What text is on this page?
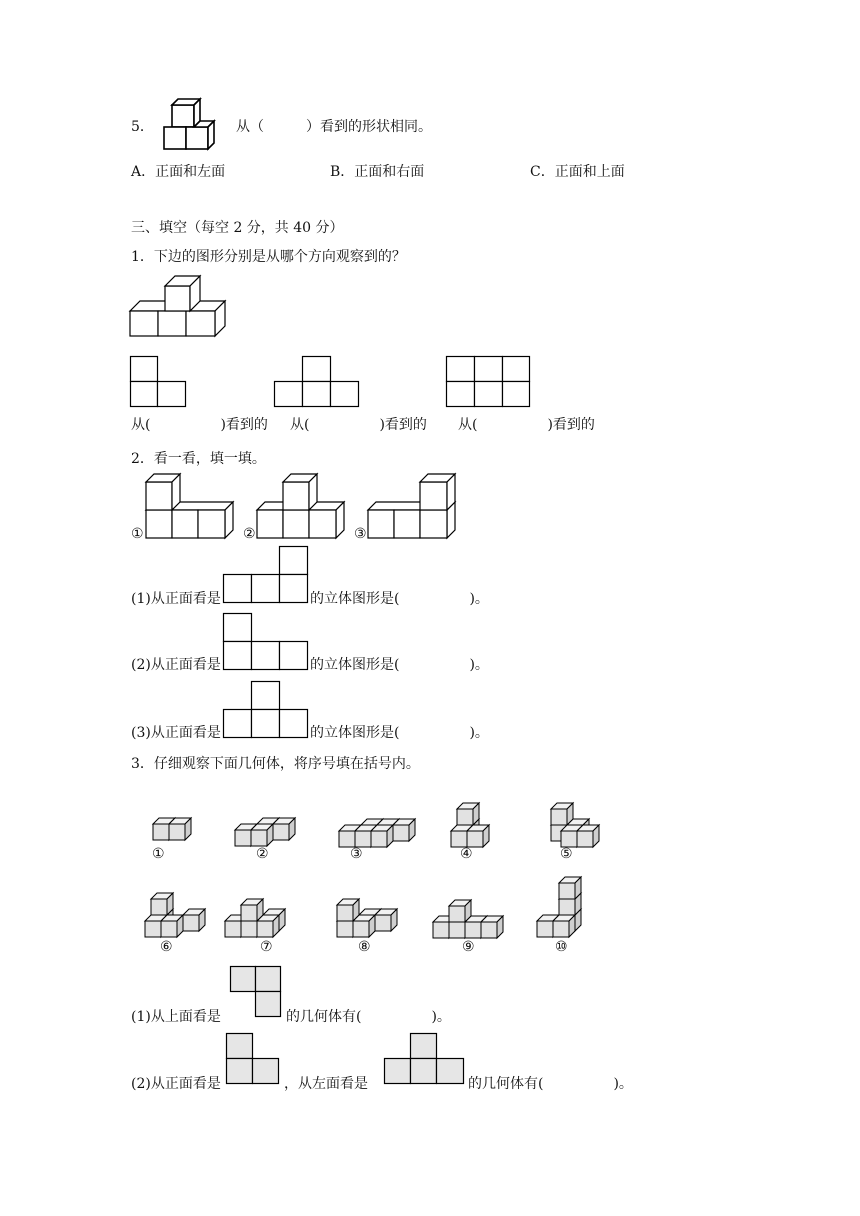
5．	从（　　　）看到的形状相同。
A．正面和左面	B．正面和右面	C．正面和上面
三、填空（每空 2 分，共 40 分）
1．下边的图形分别是从哪个方向观察到的？
从(　　　　　)看到的 从(　　　　　)看到的 从(　　　　　)看到的
2．看一看，填一填。
①	②	③
(1)从正面看是	的立体图形是(　　　　　)。
(2)从正面看是	的立体图形是(　　　　　)。
(3)从正面看是	的立体图形是(　　　　　)。
3．仔细观察下面几何体，将序号填在括号内。
①	②	③	④	⑤
⑥	⑦	⑧	⑨	⑩
(1)从上面看是	的几何体有(　　　　　)。
(2)从正面看是	，从左面看是	的几何体有(　　　　　)。
